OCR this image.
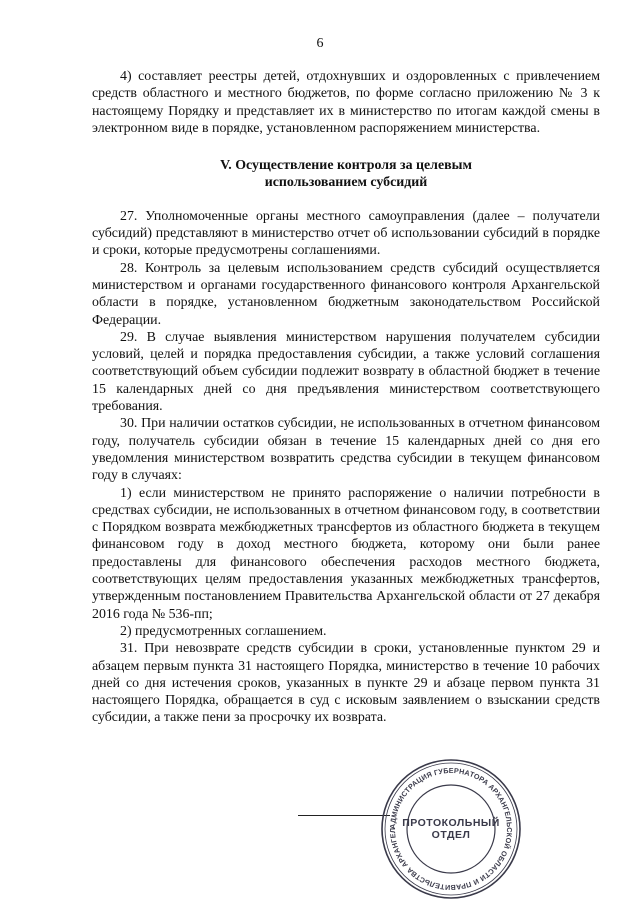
6

4) составляет реестры детей, отдохнувших и оздоровленных с привлечением средств областного и местного бюджетов, по форме согласно приложению № 3 к настоящему Порядку и представляет их в министерство по итогам каждой смены в электронном виде в порядке, установленном распоряжением министерства.

V. Осуществление контроля за целевым
использованием субсидий

27. Уполномоченные органы местного самоуправления (далее – получатели субсидий) представляют в министерство отчет об использовании субсидий в порядке и сроки, которые предусмотрены соглашениями.

28. Контроль за целевым использованием средств субсидий осуществляется министерством и органами государственного финансового контроля Архангельской области в порядке, установленном бюджетным законодательством Российской Федерации.

29. В случае выявления министерством нарушения получателем субсидии условий, целей и порядка предоставления субсидии, а также условий соглашения соответствующий объем субсидии подлежит возврату в областной бюджет в течение 15 календарных дней со дня предъявления министерством соответствующего требования.

30. При наличии остатков субсидии, не использованных в отчетном финансовом году, получатель субсидии обязан в течение 15 календарных дней со дня его уведомления министерством возвратить средства субсидии в текущем финансовом году в случаях:

1) если министерством не принято распоряжение о наличии потребности в средствах субсидии, не использованных в отчетном финансовом году, в соответствии с Порядком возврата межбюджетных трансфертов из областного бюджета в текущем финансовом году в доход местного бюджета, которому они были ранее предоставлены для финансового обеспечения расходов местного бюджета, соответствующих целям предоставления указанных межбюджетных трансфертов, утвержденным постановлением Правительства Архангельской области от 27 декабря 2016 года № 536-пп;

2) предусмотренных соглашением.

31. При невозврате средств субсидии в сроки, установленные пунктом 29 и абзацем первым пункта 31 настоящего Порядка, министерство в течение 10 рабочих дней со дня истечения сроков, указанных в пункте 29 и абзаце первом пункта 31 настоящего Порядка, обращается в суд с исковым заявлением о взыскании средств субсидии, а также пени за просрочку их возврата.

АДМИНИСТРАЦИЯ ГУБЕРНАТОРА АРХАНГЕЛЬСКОЙ ОБЛАСТИ И ПРАВИТЕЛЬСТВА АРХАНГЕЛ
ПРОТОКОЛЬНЫЙ
ОТДЕЛ
